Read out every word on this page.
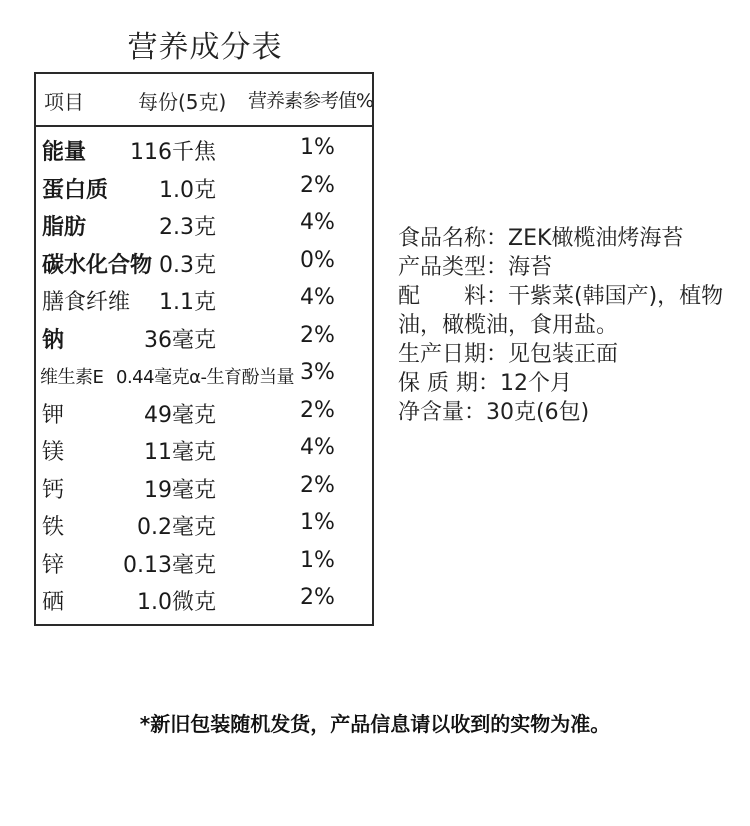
营养成分表
项目	每份(5克) 营养素参考值%
能量 116千焦	1%
蛋白质 1.0克	2%
脂肪	2.3克	4%
碳水化合物 0.3克	0%
膳食纤维 1.1克	4%
钠	36毫克	2%
维生素E 0.44毫克α-生育酚当量 3%
钾	49毫克	2%
镁	11毫克	4%
钙	19毫克	2%
铁	0.2毫克	1%
锌	0.13毫克	1%
硒	1.0微克	2%
食品名称：ZEK橄榄油烤海苔
产品类型：海苔
配　　料：干紫菜(韩国产)，植物油，橄榄油，食用盐。
生产日期：见包装正面
保 质 期：12个月
净含量：30克(6包)
*新旧包装随机发货，产品信息请以收到的实物为准。
